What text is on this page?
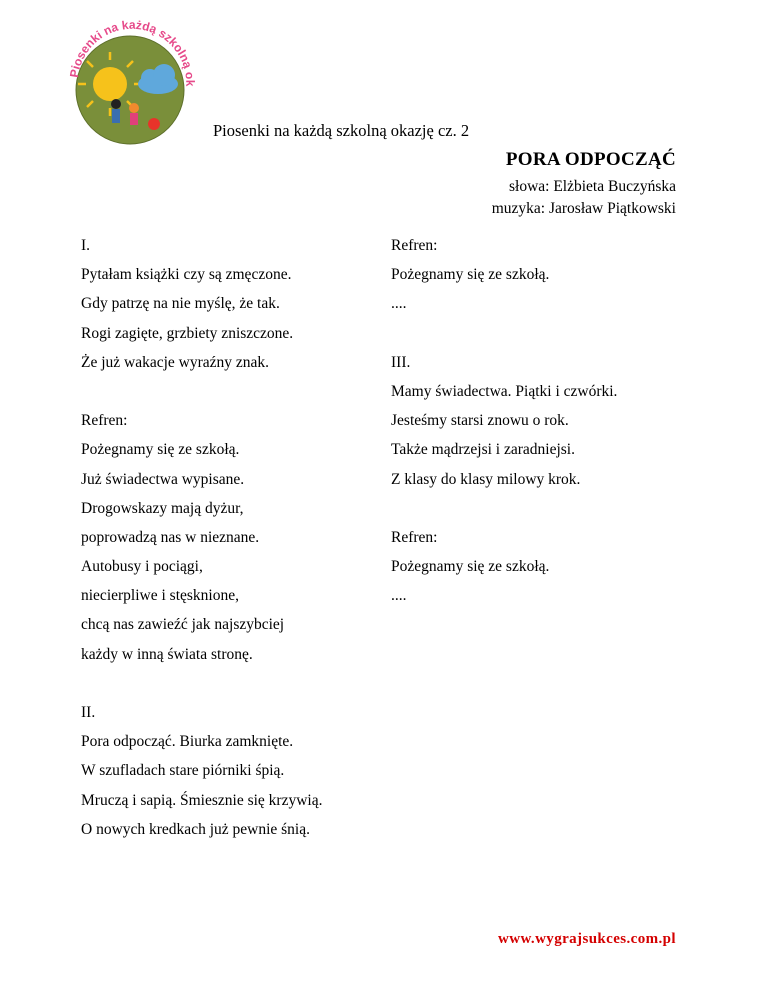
Piosenki na każdą szkolną ok
Piosenki na każdą szkolną okazję cz. 2
PORA ODPOCZĄĆ
słowa: Elżbieta Buczyńska
muzyka: Jarosław Piątkowski
I.
Pytałam książki czy są zmęczone.
Gdy patrzę na nie myślę, że tak.
Rogi zagięte, grzbiety zniszczone.
Że już wakacje wyraźny znak.
Refren:
Pożegnamy się ze szkołą.
Już świadectwa wypisane.
Drogowskazy mają dyżur,
poprowadzą nas w nieznane.
Autobusy i pociągi,
niecierpliwe i stęsknione,
chcą nas zawieźć jak najszybciej
każdy w inną świata stronę.
II.
Pora odpocząć. Biurka zamknięte.
W szufladach stare piórniki śpią.
Mruczą i sapią. Śmiesznie się krzywią.
O nowych kredkach już pewnie śnią.
Refren:
Pożegnamy się ze szkołą.
....
III.
Mamy świadectwa. Piątki i czwórki.
Jesteśmy starsi znowu o rok.
Także mądrzejsi i zaradniejsi.
Z klasy do klasy milowy krok.
Refren:
Pożegnamy się ze szkołą.
....
www.wygrajsukces.com.pl
